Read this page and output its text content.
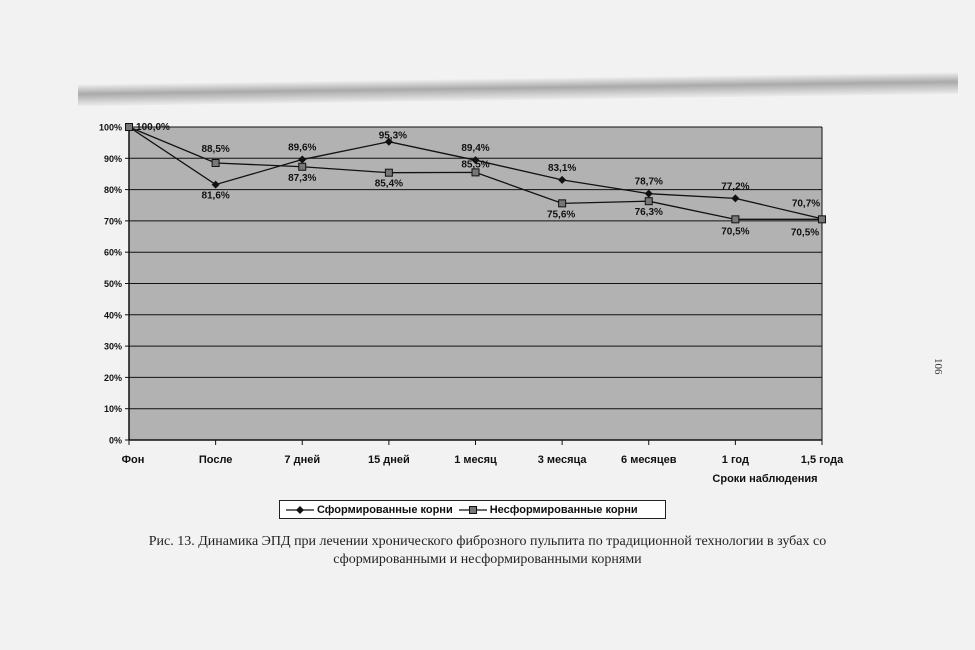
0%
10%
20%
30%
40%
50%
60%
70%
80%
90%
100%
Фон	После	7 дней	15 дней	1 месяц	3 месяца	6 месяцев	1 год	1,5 года
Сроки наблюдения
100,0%
81,6%
89,6%
95,3%
89,4%
83,1%
78,7%	77,2%
70,7%
88,5%
87,3%
85,4%
85,5%
75,6%	76,3%
70,5%	70,5%
Сформированные корни	Несформированные корни
Рис. 13. Динамика ЭПД при лечении хронического фиброзного пульпита по традиционной технологии в зубах со
сформированными и несформированными корнями
106
